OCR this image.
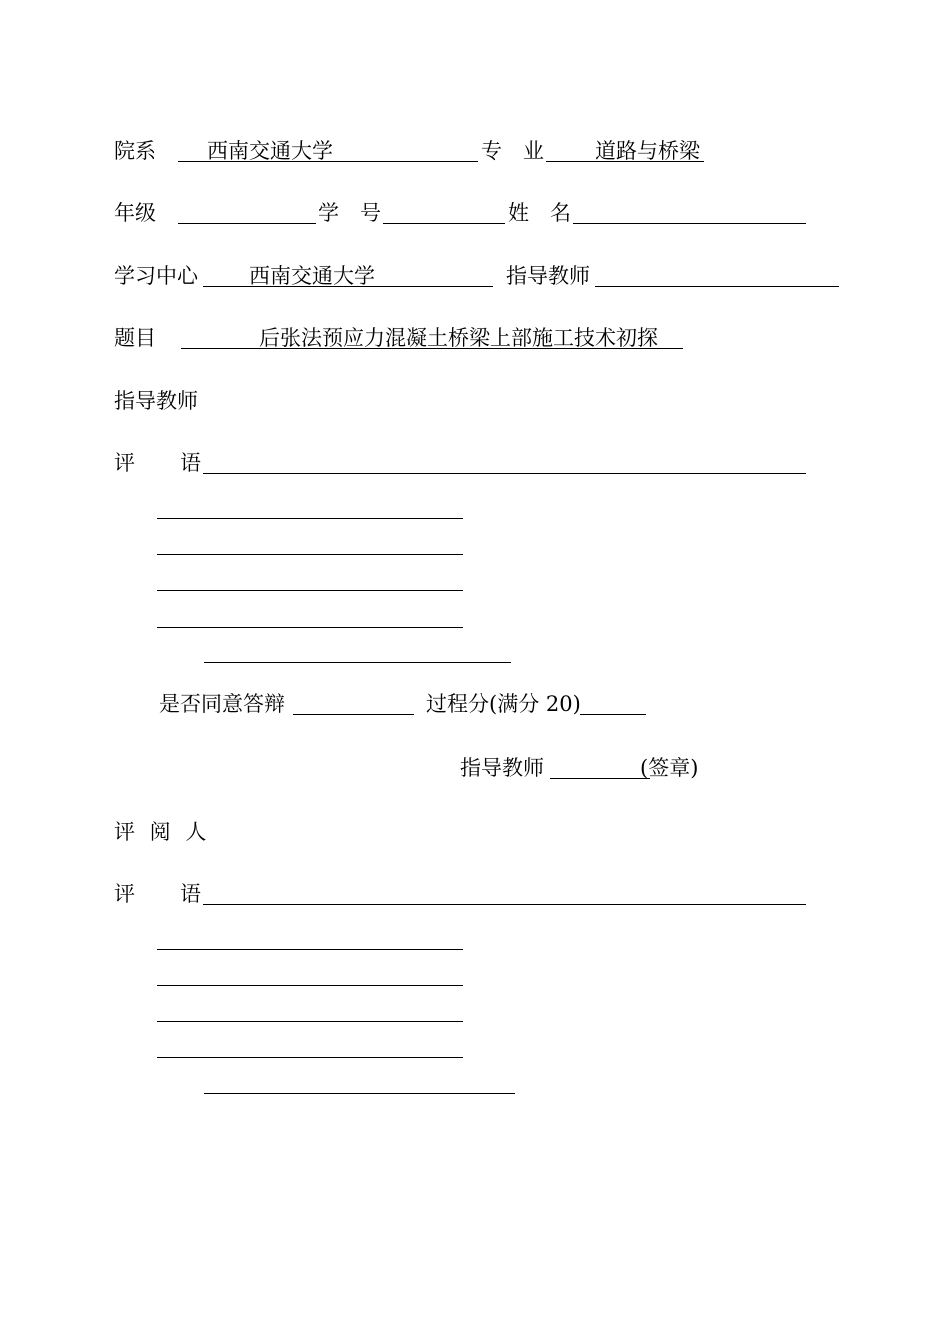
院系 西南交通大学	专　业 道路与桥梁
年级	学　号	姓　名
学习中心 西南交通大学	指导教师
题目	后张法预应力混凝土桥梁上部施工技术初探
指导教师
评　　语
是否同意答辩	过程分(满分 20)
指导教师	(签章)
评 阅 人
评　　语
